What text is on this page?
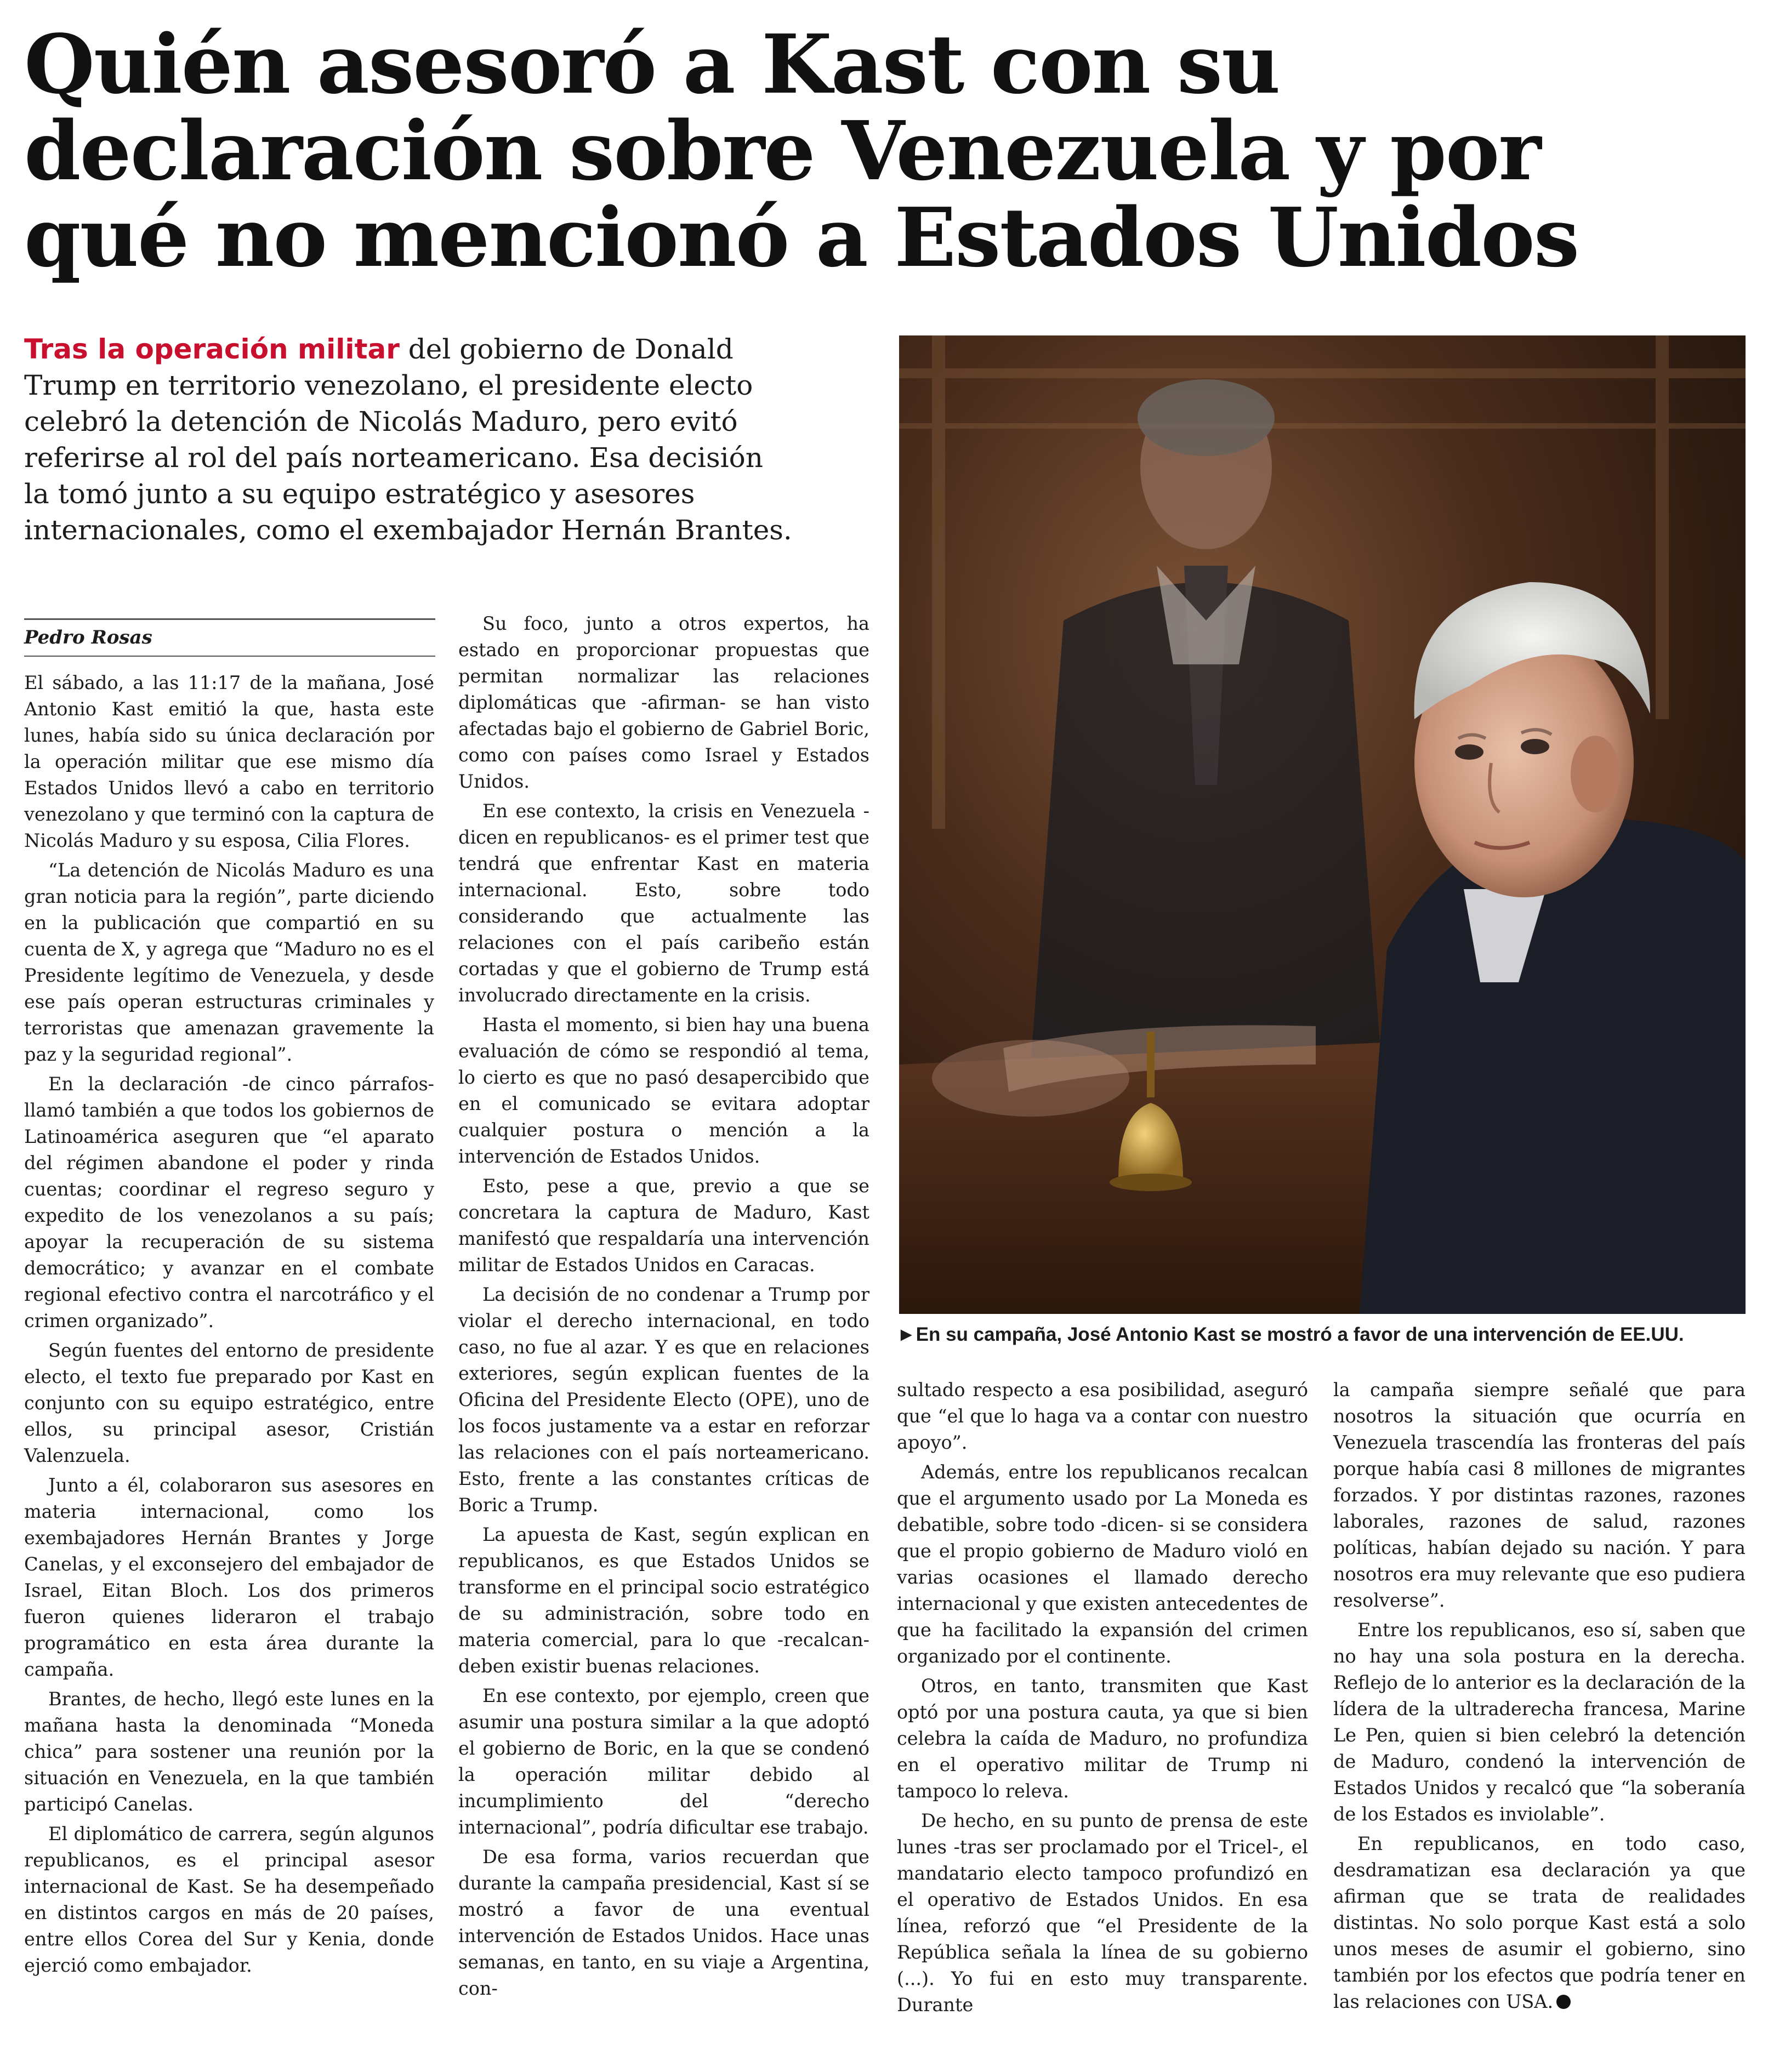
Quién asesoró a Kast con su
declaración sobre Venezuela y por
qué no mencionó a Estados Unidos
Tras la operación militar del gobierno de Donald
Trump en territorio venezolano, el presidente electo
celebró la detención de Nicolás Maduro, pero evitó
referirse al rol del país norteamericano. Esa decisión
la tomó junto a su equipo estratégico y asesores
internacionales, como el exembajador Hernán Brantes.
►En su campaña, José Antonio Kast se mostró a favor de una intervención de EE.UU.
Pedro Rosas

El sábado, a las 11:17 de la mañana, José Antonio Kast emitió la que, hasta este lunes, había sido su única declaración por la operación militar que ese mismo día Estados Unidos llevó a cabo en territorio venezolano y que terminó con la captura de Nicolás Maduro y su esposa, Cilia Flores.

“La detención de Nicolás Maduro es una gran noticia para la región”, parte diciendo en la publicación que compartió en su cuenta de X, y agrega que “Maduro no es el Presidente legítimo de Venezuela, y desde ese país operan estructuras criminales y terroristas que amenazan gravemente la paz y la seguridad regional”.

En la declaración -de cinco párrafos- llamó también a que todos los gobiernos de Latinoamérica aseguren que “el aparato del régimen abandone el poder y rinda cuentas; coordinar el regreso seguro y expedito de los venezolanos a su país; apoyar la recuperación de su sistema democrático; y avanzar en el combate regional efectivo contra el narcotráfico y el crimen organizado”.

Según fuentes del entorno de presidente electo, el texto fue preparado por Kast en conjunto con su equipo estratégico, entre ellos, su principal asesor, Cristián Valenzuela.

Junto a él, colaboraron sus asesores en materia internacional, como los exembajadores Hernán Brantes y Jorge Canelas, y el exconsejero del embajador de Israel, Eitan Bloch. Los dos primeros fueron quienes lideraron el trabajo programático en esta área durante la campaña.

Brantes, de hecho, llegó este lunes en la mañana hasta la denominada “Moneda chica” para sostener una reunión por la situación en Venezuela, en la que también participó Canelas.

El diplomático de carrera, según algunos republicanos, es el principal asesor internacional de Kast. Se ha desempeñado en distintos cargos en más de 20 países, entre ellos Corea del Sur y Kenia, donde ejerció como embajador.

Su foco, junto a otros expertos, ha estado en proporcionar propuestas que permitan normalizar las relaciones diplomáticas que -afirman- se han visto afectadas bajo el gobierno de Gabriel Boric, como con países como Israel y Estados Unidos.

En ese contexto, la crisis en Venezuela -dicen en republicanos- es el primer test que tendrá que enfrentar Kast en materia internacional. Esto, sobre todo considerando que actualmente las relaciones con el país caribeño están cortadas y que el gobierno de Trump está involucrado directamente en la crisis.

Hasta el momento, si bien hay una buena evaluación de cómo se respondió al tema, lo cierto es que no pasó desapercibido que en el comunicado se evitara adoptar cualquier postura o mención a la intervención de Estados Unidos.

Esto, pese a que, previo a que se concretara la captura de Maduro, Kast manifestó que respaldaría una intervención militar de Estados Unidos en Caracas.

La decisión de no condenar a Trump por violar el derecho internacional, en todo caso, no fue al azar. Y es que en relaciones exteriores, según explican fuentes de la Oficina del Presidente Electo (OPE), uno de los focos justamente va a estar en reforzar las relaciones con el país norteamericano. Esto, frente a las constantes críticas de Boric a Trump.

La apuesta de Kast, según explican en republicanos, es que Estados Unidos se transforme en el principal socio estratégico de su administración, sobre todo en materia comercial, para lo que -recalcan- deben existir buenas relaciones.

En ese contexto, por ejemplo, creen que asumir una postura similar a la que adoptó el gobierno de Boric, en la que se condenó la operación militar debido al incumplimiento del “derecho internacional”, podría dificultar ese trabajo.

De esa forma, varios recuerdan que durante la campaña presidencial, Kast sí se mostró a favor de una eventual intervención de Estados Unidos. Hace unas semanas, en tanto, en su viaje a Argentina, con-

sultado respecto a esa posibilidad, aseguró que “el que lo haga va a contar con nuestro apoyo”.

Además, entre los republicanos recalcan que el argumento usado por La Moneda es debatible, sobre todo -dicen- si se considera que el propio gobierno de Maduro violó en varias ocasiones el llamado derecho internacional y que existen antecedentes de que ha facilitado la expansión del crimen organizado por el continente.

Otros, en tanto, transmiten que Kast optó por una postura cauta, ya que si bien celebra la caída de Maduro, no profundiza en el operativo militar de Trump ni tampoco lo releva.

De hecho, en su punto de prensa de este lunes -tras ser proclamado por el Tricel-, el mandatario electo tampoco profundizó en el operativo de Estados Unidos. En esa línea, reforzó que “el Presidente de la República señala la línea de su gobierno (...). Yo fui en esto muy transparente. Durante

la campaña siempre señalé que para nosotros la situación que ocurría en Venezuela trascendía las fronteras del país porque había casi 8 millones de migrantes forzados. Y por distintas razones, razones laborales, razones de salud, razones políticas, habían dejado su nación. Y para nosotros era muy relevante que eso pudiera resolverse”.

Entre los republicanos, eso sí, saben que no hay una sola postura en la derecha. Reflejo de lo anterior es la declaración de la lídera de la ultraderecha francesa, Marine Le Pen, quien si bien celebró la detención de Maduro, condenó la intervención de Estados Unidos y recalcó que “la soberanía de los Estados es inviolable”.

En republicanos, en todo caso, desdramatizan esa declaración ya que afirman que se trata de realidades distintas. No solo porque Kast está a solo unos meses de asumir el gobierno, sino también por los efectos que podría tener en las relaciones con USA.
